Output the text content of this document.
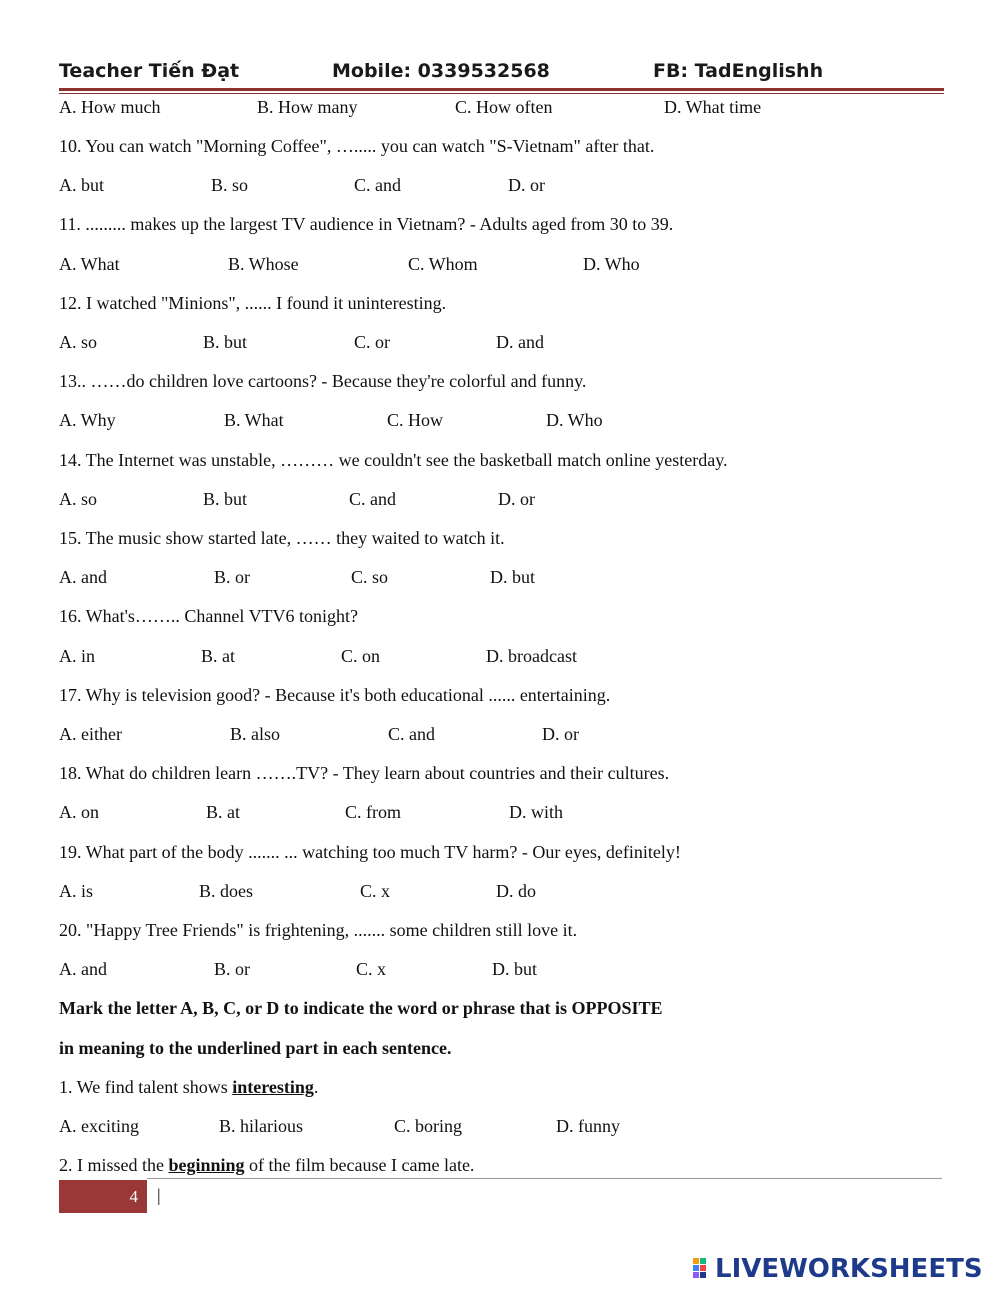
Teacher Tiến Đạt	Mobile: 0339532568	FB: TadEnglishh
A. How much	B. How many	C. How often	D. What time
10. You can watch "Morning Coffee", …..... you can watch "S-Vietnam" after that.
A. but	B. so	C. and	D. or
11. ......... makes up the largest TV audience in Vietnam? - Adults aged from 30 to 39.
A. What	B. Whose	C. Whom	D. Who
12. I watched "Minions", ...... I found it uninteresting.
A. so	B. but	C. or	D. and
13.. ……do children love cartoons? - Because they're colorful and funny.
A. Why	B. What	C. How	D. Who
14. The Internet was unstable, ……… we couldn't see the basketball match online yesterday.
A. so	B. but	C. and	D. or
15. The music show started late, …… they waited to watch it.
A. and	B. or	C. so	D. but
16. What's…….. Channel VTV6 tonight?
A. in	B. at	C. on	D. broadcast
17. Why is television good? - Because it's both educational ...... entertaining.
A. either	B. also	C. and	D. or
18. What do children learn …….TV? - They learn about countries and their cultures.
A. on	B. at	C. from	D. with
19. What part of the body ....... ... watching too much TV harm? - Our eyes, definitely!
A. is	B. does	C. x	D. do
20. "Happy Tree Friends" is frightening, ....... some children still love it.
A. and	B. or	C. x	D. but
Mark the letter A, B, C, or D to indicate the word or phrase that is OPPOSITE
in meaning to the underlined part in each sentence.
1. We find talent shows interesting.
A. exciting	B. hilarious	C. boring	D. funny
2. I missed the beginning of the film because I came late.
4	|
LIVEWORKSHEETS
